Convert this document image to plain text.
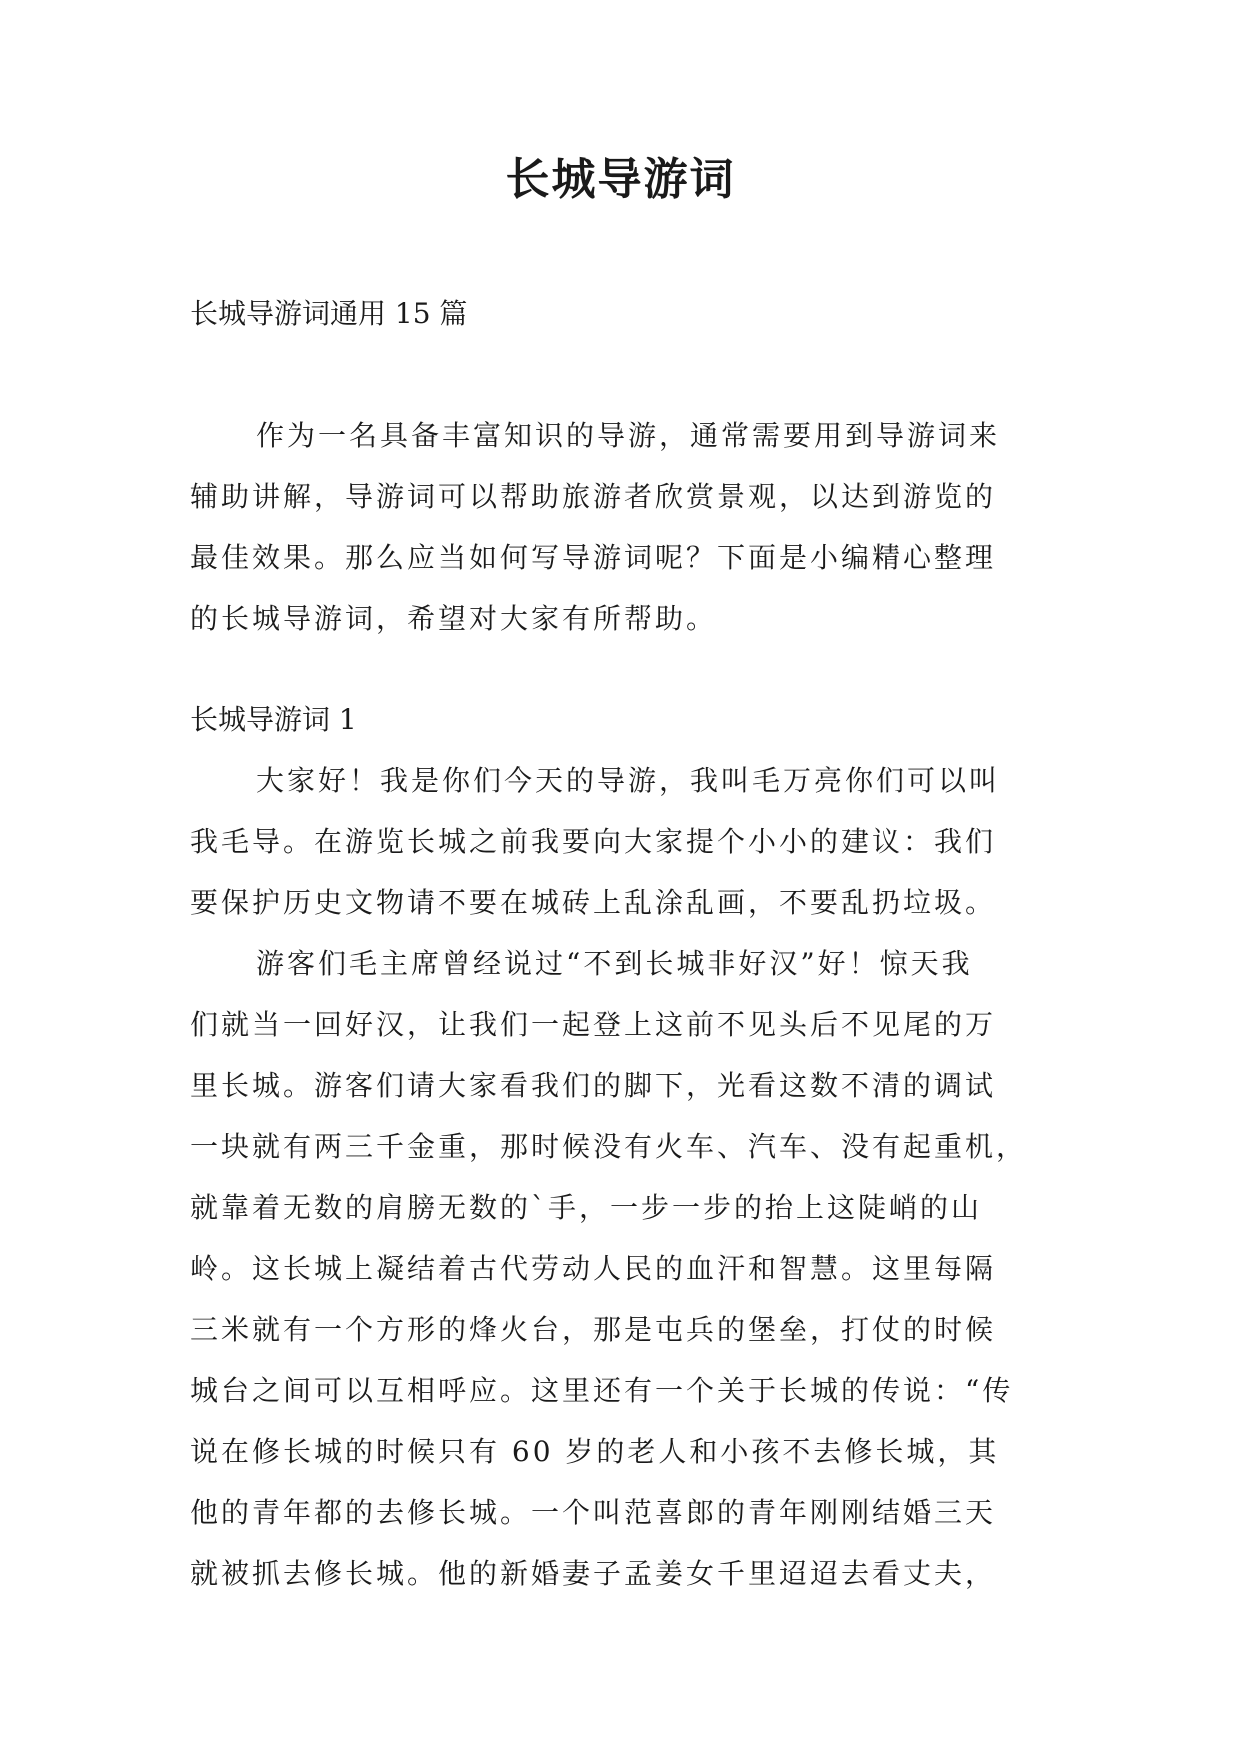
长城导游词
长城导游词通用 15 篇
作为一名具备丰富知识的导游，通常需要用到导游词来
辅助讲解，导游词可以帮助旅游者欣赏景观，以达到游览的
最佳效果。那么应当如何写导游词呢？下面是小编精心整理
的长城导游词，希望对大家有所帮助。
长城导游词 1
大家好！我是你们今天的导游，我叫毛万亮你们可以叫
我毛导。在游览长城之前我要向大家提个小小的建议：我们
要保护历史文物请不要在城砖上乱涂乱画，不要乱扔垃圾。
游客们毛主席曾经说过“不到长城非好汉”好！惊天我
们就当一回好汉，让我们一起登上这前不见头后不见尾的万
里长城。游客们请大家看我们的脚下，光看这数不清的调试
一块就有两三千金重，那时候没有火车、汽车、没有起重机，
就靠着无数的肩膀无数的`手，一步一步的抬上这陡峭的山
岭。这长城上凝结着古代劳动人民的血汗和智慧。这里每隔
三米就有一个方形的烽火台，那是屯兵的堡垒，打仗的时候
城台之间可以互相呼应。这里还有一个关于长城的传说：“传
说在修长城的时候只有 60 岁的老人和小孩不去修长城，其
他的青年都的去修长城。一个叫范喜郎的青年刚刚结婚三天
就被抓去修长城。他的新婚妻子孟姜女千里迢迢去看丈夫，
